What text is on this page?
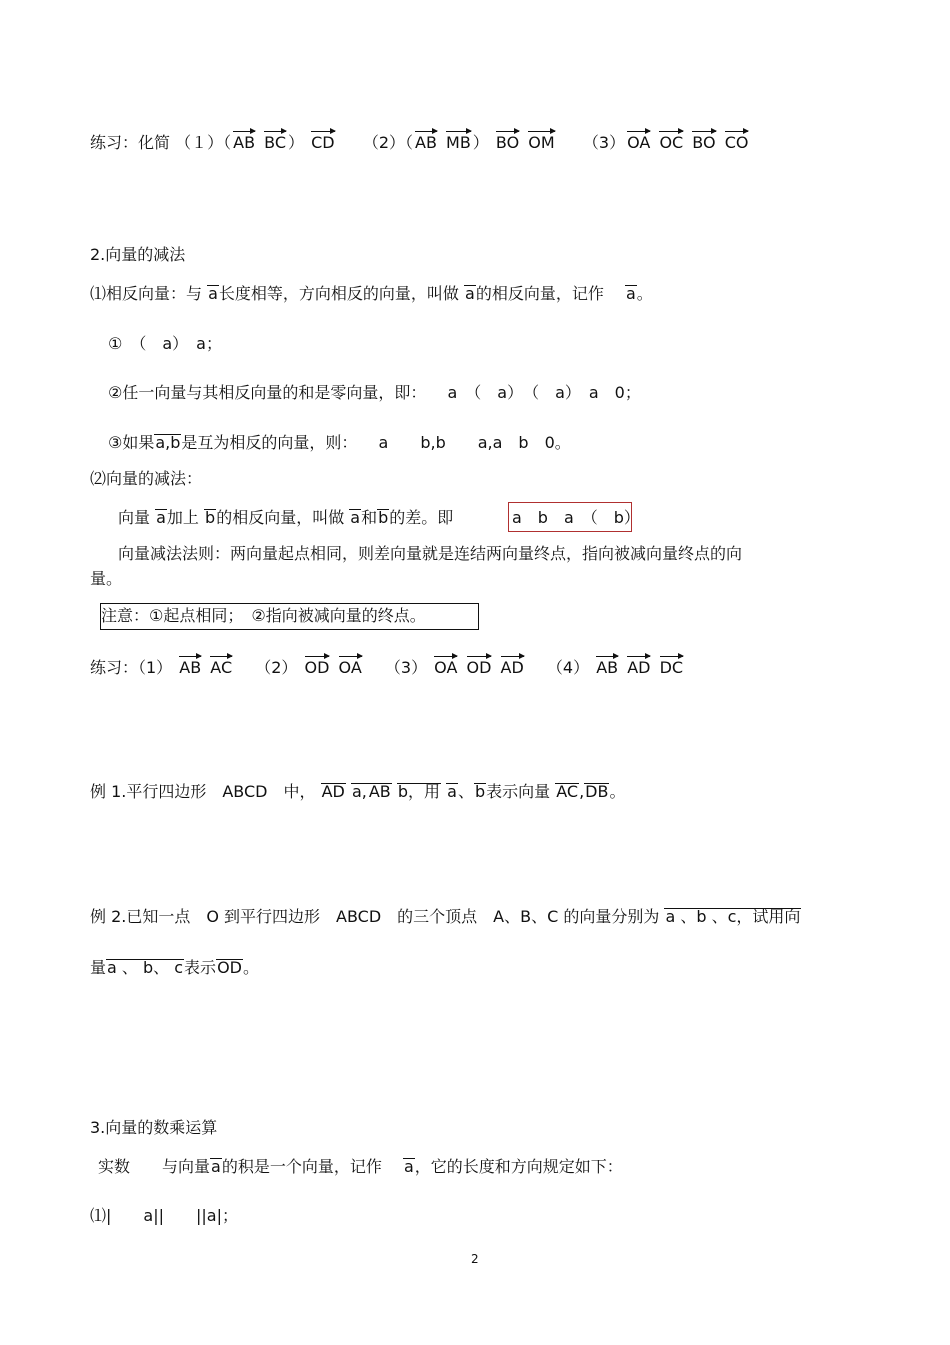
练习：化简 （１）（ AB BC ） CD （2）（ AB MB ） BO OM （3） OA OC BO CO
2.向量的减法
⑴相反向量：与 a长度相等，方向相反的向量，叫做 a的相反向量，记作 a。
①　（　a）　a；
②任一向量与其相反向量的和是零向量，即： a　（　a）　（　a）　a　0；
③如果a,b是互为相反的向量，则： a　　b,b　　a,a　b　0。
⑵向量的减法：
向量 a加上 b的相反向量，叫做 a和b的差。即	a　b　a　（　b）
向量减法法则：两向量起点相同，则差向量就是连结两向量终点，指向被减向量终点的向
量。
注意：①起点相同；　②指向被减向量的终点。
练习：（1） AB AC （2） OD OA （3） OA OD AD （4） AB AD DC
例 1.平行四边形　ABCD　中， AD a, AB b，用 a、b表示向量 AC,DB。
例 2.已知一点　O 到平行四边形　ABCD　的三个顶点　A、B、C 的向量分别为 a 、b 、c，试用向
量a 、 b、 c表示OD。
3.向量的数乘运算
实数　　与向量a的积是一个向量，记作 a，它的长度和方向规定如下：
⑴|　　a||　　||a|；
2
